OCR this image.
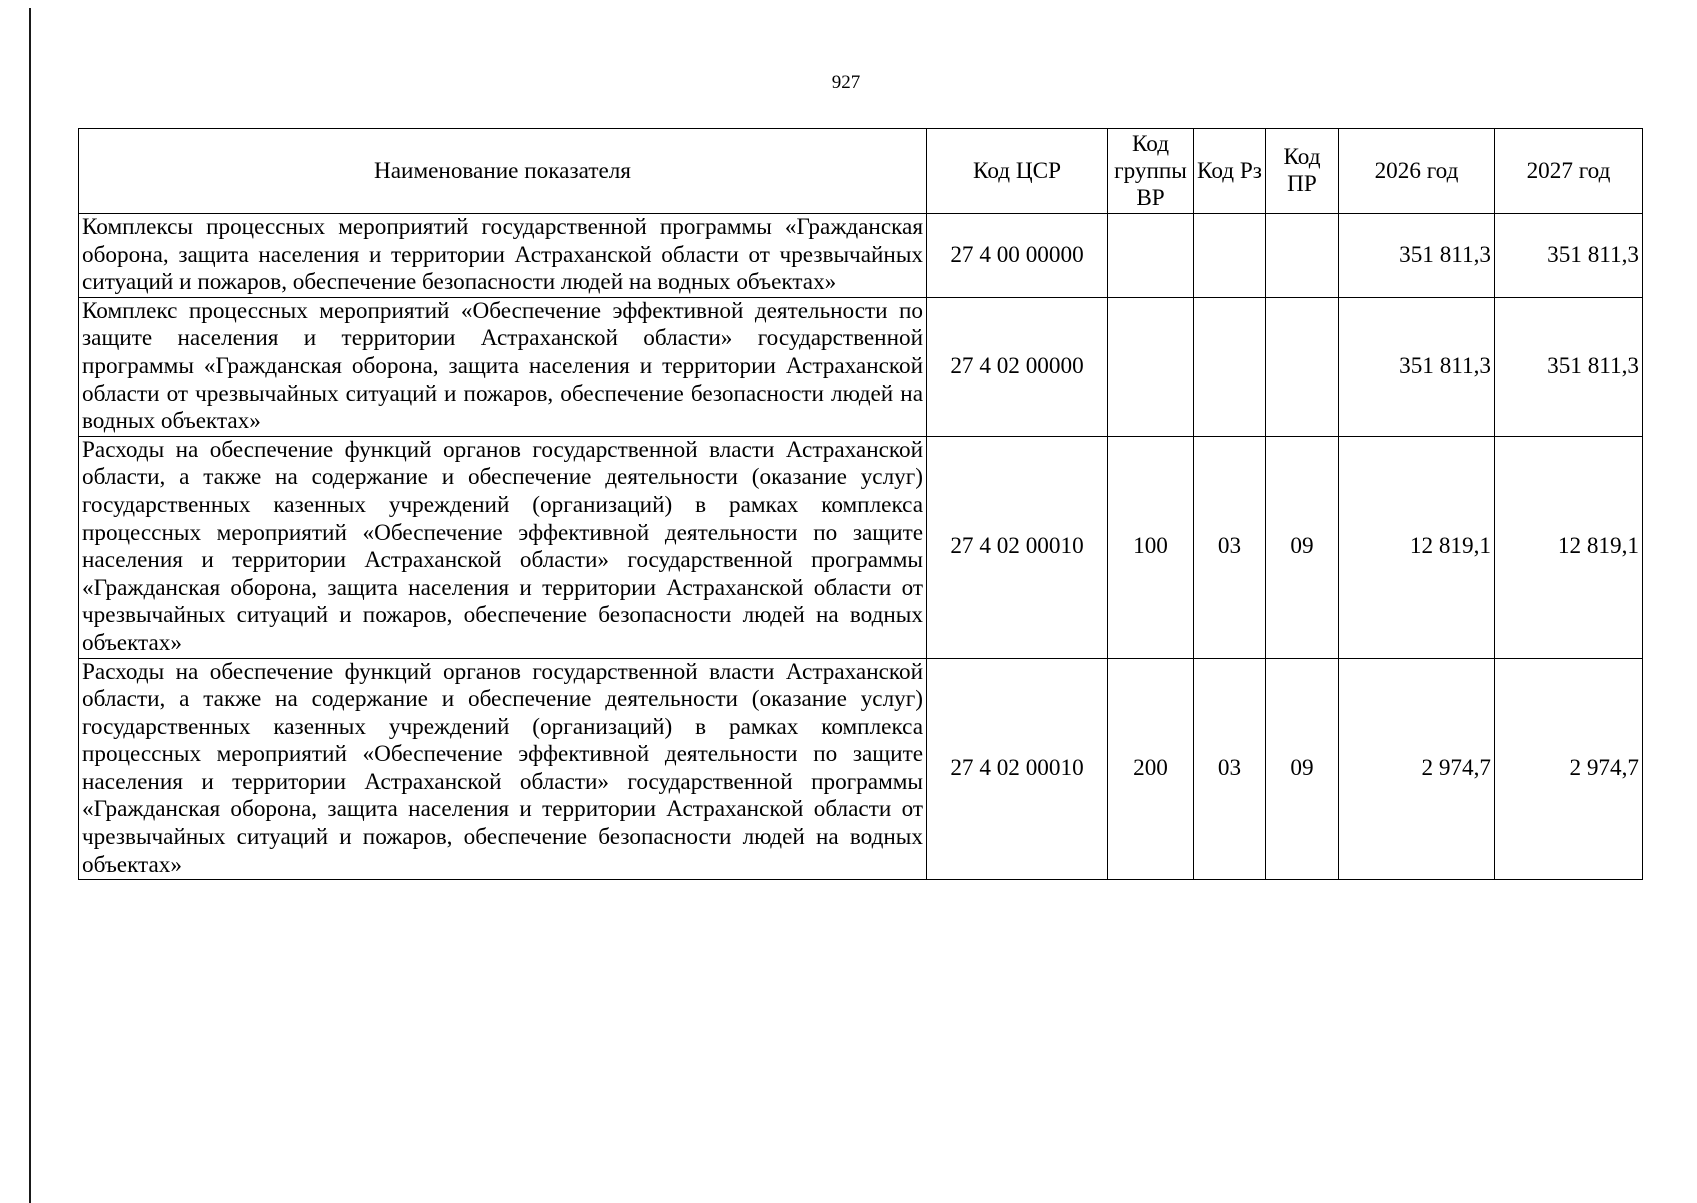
927
Наименование показателя	Код ЦСР	Код группы ВР	Код Рз	Код ПР	2026 год	2027 год
Комплексы процессных мероприятий государственной программы «Гражданская оборона, защита населения и территории Астраханской области от чрезвычайных ситуаций и пожаров, обеспечение безопасности людей на водных объектах»	27 4 00 00000				351 811,3	351 811,3
Комплекс процессных мероприятий «Обеспечение эффективной деятельности по защите населения и территории Астраханской области» государственной программы «Гражданская оборона, защита населения и территории Астраханской области от чрезвычайных ситуаций и пожаров, обеспечение безопасности людей на водных объектах»	27 4 02 00000				351 811,3	351 811,3
Расходы на обеспечение функций органов государственной власти Астраханской области, а также на содержание и обеспечение деятельности (оказание услуг) государственных казенных учреждений (организаций) в рамках комплекса процессных мероприятий «Обеспечение эффективной деятельности по защите населения и территории Астраханской области» государственной программы «Гражданская оборона, защита населения и территории Астраханской области от чрезвычайных ситуаций и пожаров, обеспечение безопасности людей на водных объектах»	27 4 02 00010	100	03	09	12 819,1	12 819,1
Расходы на обеспечение функций органов государственной власти Астраханской области, а также на содержание и обеспечение деятельности (оказание услуг) государственных казенных учреждений (организаций) в рамках комплекса процессных мероприятий «Обеспечение эффективной деятельности по защите населения и территории Астраханской области» государственной программы «Гражданская оборона, защита населения и территории Астраханской области от чрезвычайных ситуаций и пожаров, обеспечение безопасности людей на водных объектах»	27 4 02 00010	200	03	09	2 974,7	2 974,7
